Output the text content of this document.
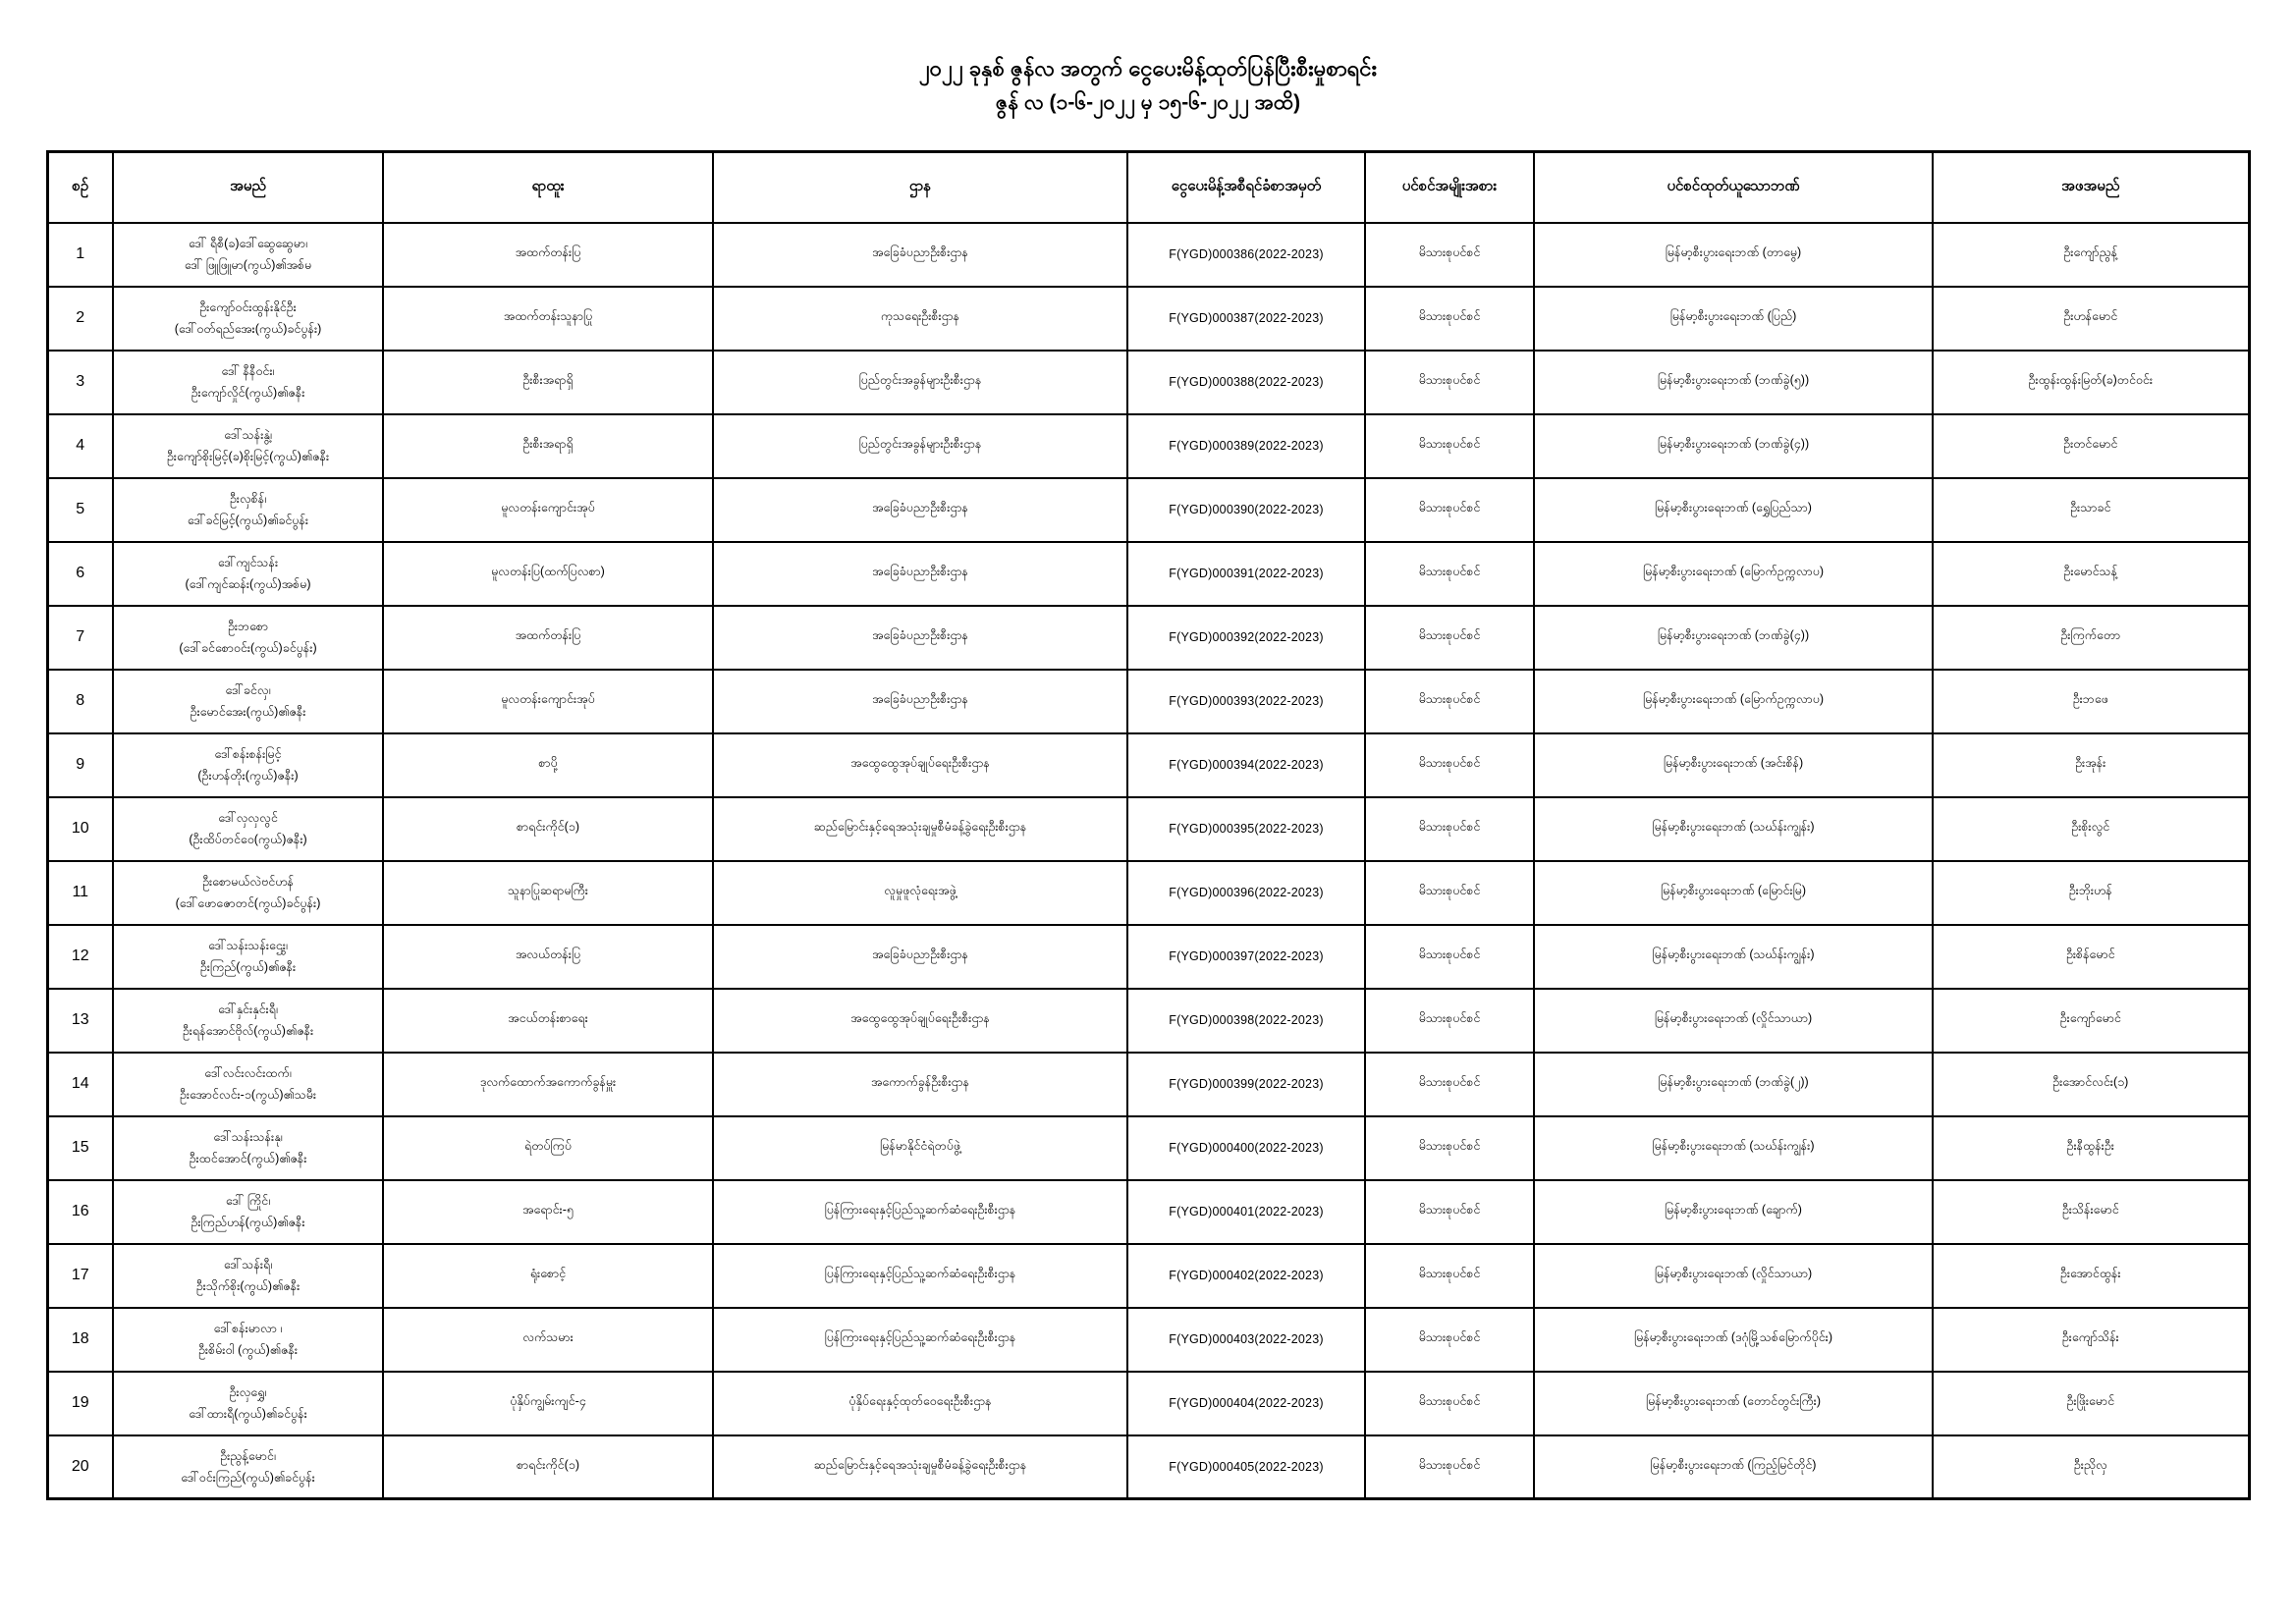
၂၀၂၂ ခုနှစ် ဇွန်လ အတွက် ငွေပေးမိန့်ထုတ်ပြန်ပြီးစီးမှုစာရင်း
ဇွန် လ (၁-၆-၂၀၂၂ မှ ၁၅-၆-၂၀၂၂ အထိ)
စဉ်	အမည်	ရာထူး	ဌာန	ငွေပေးမိန့်အစီရင်ခံစာအမှတ်	ပင်စင်အမျိုးအစား	ပင်စင်ထုတ်ယူသောဘဏ်	အဖအမည်
1	ဒေါ် ရီစီ(ခ)ဒေါ်ဆွေဆွေမာ၊
ဒေါ် ဖြူဖြူမာ(ကွယ်)၏အစ်မ	အထက်တန်းပြ	အခြေခံပညာဦးစီးဌာန	F(YGD)000386(2022-2023)	မိသားစုပင်စင်	မြန်မာ့စီးပွားရေးဘဏ် (တာမွေ)	ဦးကျော်ညွန့်
2	ဦးကျော်ဝင်းထွန်းနိုင်ဦး
(ဒေါ်ဝတ်ရည်အေး(ကွယ်)ခင်ပွန်း)	အထက်တန်းသူနာပြု	ကုသရေးဦးစီးဌာန	F(YGD)000387(2022-2023)	မိသားစုပင်စင်	မြန်မာ့စီးပွားရေးဘဏ် (ပြည်)	ဦးဟန်မောင်
3	ဒေါ် နီနီဝင်း၊
ဦးကျော်လှိုင်(ကွယ်)၏ဇနီး	ဦးစီးအရာရှိ	ပြည်တွင်းအခွန်များဦးစီးဌာန	F(YGD)000388(2022-2023)	မိသားစုပင်စင်	မြန်မာ့စီးပွားရေးဘဏ် (ဘဏ်ခွဲ(၅))	ဦးထွန်းထွန်းမြတ်(ခ)တင်ဝင်း
4	ဒေါ်သန်းနွဲ့၊
ဦးကျော်စိုးမြင့်(ခ)စိုးမြင့်(ကွယ်)၏ဇနီး	ဦးစီးအရာရှိ	ပြည်တွင်းအခွန်များဦးစီးဌာန	F(YGD)000389(2022-2023)	မိသားစုပင်စင်	မြန်မာ့စီးပွားရေးဘဏ် (ဘဏ်ခွဲ(၄))	ဦးတင်မောင်
5	ဦးလှစိန်၊
ဒေါ်ခင်မြင့်(ကွယ်)၏ခင်ပွန်း	မူလတန်းကျောင်းအုပ်	အခြေခံပညာဦးစီးဌာန	F(YGD)000390(2022-2023)	မိသားစုပင်စင်	မြန်မာ့စီးပွားရေးဘဏ် (ရွှေပြည်သာ)	ဦးသာခင်
6	ဒေါ်ကျင်သန်း
(ဒေါ်ကျင်ဆန်း(ကွယ်)အစ်မ)	မူလတန်းပြ(ထက်ပြလစာ)	အခြေခံပညာဦးစီးဌာန	F(YGD)000391(2022-2023)	မိသားစုပင်စင်	မြန်မာ့စီးပွားရေးဘဏ် (မြောက်ဥက္ကလာပ)	ဦးမောင်သန့်
7	ဦးဘစော
(ဒေါ်ခင်စောဝင်း(ကွယ်)ခင်ပွန်း)	အထက်တန်းပြ	အခြေခံပညာဦးစီးဌာန	F(YGD)000392(2022-2023)	မိသားစုပင်စင်	မြန်မာ့စီးပွားရေးဘဏ် (ဘဏ်ခွဲ(၄))	ဦးကြက်တော
8	ဒေါ်ခင်လှ၊
ဦးမောင်အေး(ကွယ်)၏ဇနီး	မူလတန်းကျောင်းအုပ်	အခြေခံပညာဦးစီးဌာန	F(YGD)000393(2022-2023)	မိသားစုပင်စင်	မြန်မာ့စီးပွားရေးဘဏ် (မြောက်ဥက္ကလာပ)	ဦးဘဖေ
9	ဒေါ်စန်းစန်းမြင့်
(ဦးဟန်တိုး(ကွယ်)ဇနီး)	စာပို့	အထွေထွေအုပ်ချုပ်ရေးဦးစီးဌာန	F(YGD)000394(2022-2023)	မိသားစုပင်စင်	မြန်မာ့စီးပွားရေးဘဏ် (အင်းစိန်)	ဦးအုန်း
10	ဒေါ်လှလှလွင်
(ဦးထိပ်တင်ဝေ(ကွယ်)ဇနီး)	စာရင်းကိုင်(၁)	ဆည်မြောင်းနှင့်ရေအသုံးချမှုစီမံခန့်ခွဲရေးဦးစီးဌာန	F(YGD)000395(2022-2023)	မိသားစုပင်စင်	မြန်မာ့စီးပွားရေးဘဏ် (သဃ်န်းကျွန်း)	ဦးစိုးလွင်
11	ဦးစောမယ်လဲဗင်ဟန်
(ဒေါ်ဖောဇောတင်(ကွယ်)ခင်ပွန်း)	သူနာပြုဆရာမကြီး	လူမှုဖူလုံရေးအဖွဲ့	F(YGD)000396(2022-2023)	မိသားစုပင်စင်	မြန်မာ့စီးပွားရေးဘဏ် (မြောင်းမြ)	ဦးဘိုးဟန်
12	ဒေါ်သန်းသန်းဌွေး၊
ဦးကြည်(ကွယ်)၏ဇနီး	အလယ်တန်းပြ	အခြေခံပညာဦးစီးဌာန	F(YGD)000397(2022-2023)	မိသားစုပင်စင်	မြန်မာ့စီးပွားရေးဘဏ် (သဃ်န်းကျွန်း)	ဦးစိန်မောင်
13	ဒေါ်နှင်းနှင်းရီ၊
ဦးရန်အောင်ဗိုလ်(ကွယ်)၏ဇနီး	အငယ်တန်းစာရေး	အထွေထွေအုပ်ချုပ်ရေးဦးစီးဌာန	F(YGD)000398(2022-2023)	မိသားစုပင်စင်	မြန်မာ့စီးပွားရေးဘဏ် (လှိုင်သာယာ)	ဦးကျော်မောင်
14	ဒေါ်လင်းလင်းထက်၊
ဦးအောင်လင်း-၁(ကွယ်)၏သမီး	ဒုလက်ထောက်အကောက်ခွန်မှူး	အကောက်ခွန်ဦးစီးဌာန	F(YGD)000399(2022-2023)	မိသားစုပင်စင်	မြန်မာ့စီးပွားရေးဘဏ် (ဘဏ်ခွဲ(၂))	ဦးအောင်လင်း(၁)
15	ဒေါ်သန်းသန်းနု၊
ဦးထင်အောင်(ကွယ်)၏ဇနီး	ရဲတပ်ကြပ်	မြန်မာနိုင်ငံရဲတပ်ဖွဲ့	F(YGD)000400(2022-2023)	မိသားစုပင်စင်	မြန်မာ့စီးပွားရေးဘဏ် (သဃ်န်းကျွန်း)	ဦးနီထွန်းဦး
16	ဒေါ် ကြိုင်၊
ဦးကြည်ဟန်(ကွယ်)၏ဇနီး	အရောင်း-၅	ပြန်ကြားရေးနှင့်ပြည်သူ့ဆက်ဆံရေးဦးစီးဌာန	F(YGD)000401(2022-2023)	မိသားစုပင်စင်	မြန်မာ့စီးပွားရေးဘဏ် (ချောက်)	ဦးသိန်းမောင်
17	ဒေါ်သန်းရီ၊
ဦးသိုက်စိုး(ကွယ်)၏ဇနီး	ရုံးစောင့်	ပြန်ကြားရေးနှင့်ပြည်သူ့ဆက်ဆံရေးဦးစီးဌာန	F(YGD)000402(2022-2023)	မိသားစုပင်စင်	မြန်မာ့စီးပွားရေးဘဏ် (လှိုင်သာယာ)	ဦးအောင်ထွန်း
18	ဒေါ်စန်းမာလာ ၊
ဦးစိမ်းဝါ (ကွယ်)၏ဇနီး	လက်သမား	ပြန်ကြားရေးနှင့်ပြည်သူ့ဆက်ဆံရေးဦးစီးဌာန	F(YGD)000403(2022-2023)	မိသားစုပင်စင်	မြန်မာ့စီးပွားရေးဘဏ် (ဒဂုံမြို့သစ်မြောက်ပိုင်း)	ဦးကျော်သိန်း
19	ဦးလှရွှေ၊
ဒေါ်ထားရီ(ကွယ်)၏ခင်ပွန်း	ပုံနှိပ်ကျွမ်းကျင်-၄	ပုံနှိပ်ရေးနှင့်ထုတ်ဝေရေးဦးစီးဌာန	F(YGD)000404(2022-2023)	မိသားစုပင်စင်	မြန်မာ့စီးပွားရေးဘဏ် (တောင်တွင်းကြီး)	ဦးဖြိုးမောင်
20	ဦးညွန့်မောင်၊
ဒေါ်ဝင်းကြည်(ကွယ်)၏ခင်ပွန်း	စာရင်းကိုင်(၁)	ဆည်မြောင်းနှင့်ရေအသုံးချမှုစီမံခန့်ခွဲရေးဦးစီးဌာန	F(YGD)000405(2022-2023)	မိသားစုပင်စင်	မြန်မာ့စီးပွားရေးဘဏ် (ကြည့်မြင်တိုင်)	ဦးညိုလှ
